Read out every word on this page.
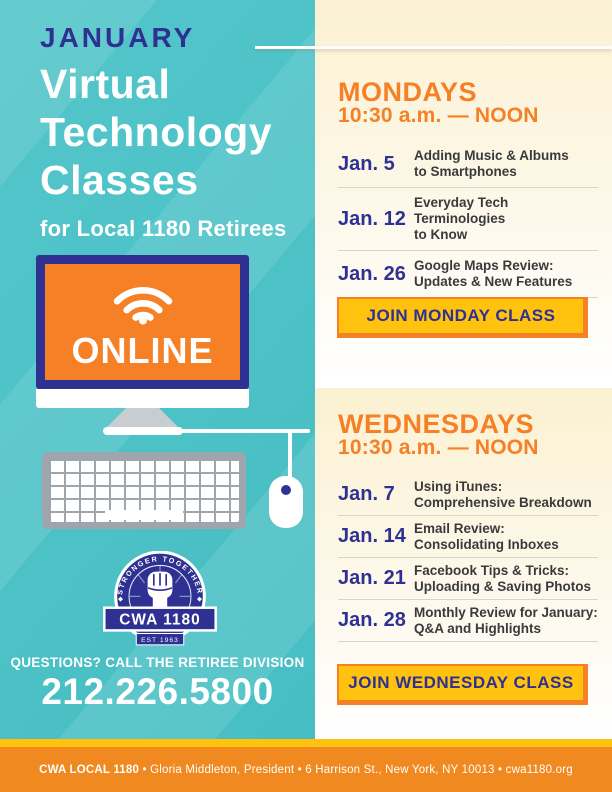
JANUARY
Virtual
Technology
Classes
for Local 1180 Retirees
ONLINE
STRONGER TOGETHER
CWA 1180
EST 1963
QUESTIONS? CALL THE RETIREE DIVISION
212.226.5800
MONDAYS
10:30 a.m. — NOON
Jan. 5	Adding Music & Albums
to Smartphones
Jan. 12
Everyday Tech Terminologies
to Know
Jan. 26 Google Maps Review:
Updates & New Features
JOIN MONDAY CLASS
WEDNESDAYS
10:30 a.m. — NOON
Jan. 7	Using iTunes:
Comprehensive Breakdown
Jan. 14 Email Review:
Consolidating Inboxes
Jan. 21 Facebook Tips & Tricks:
Uploading & Saving Photos
Jan. 28 Monthly Review for January:
Q&A and Highlights
JOIN WEDNESDAY CLASS
CWA LOCAL 1180 • Gloria Middleton, President • 6 Harrison St., New York, NY 10013 • cwa1180.org
